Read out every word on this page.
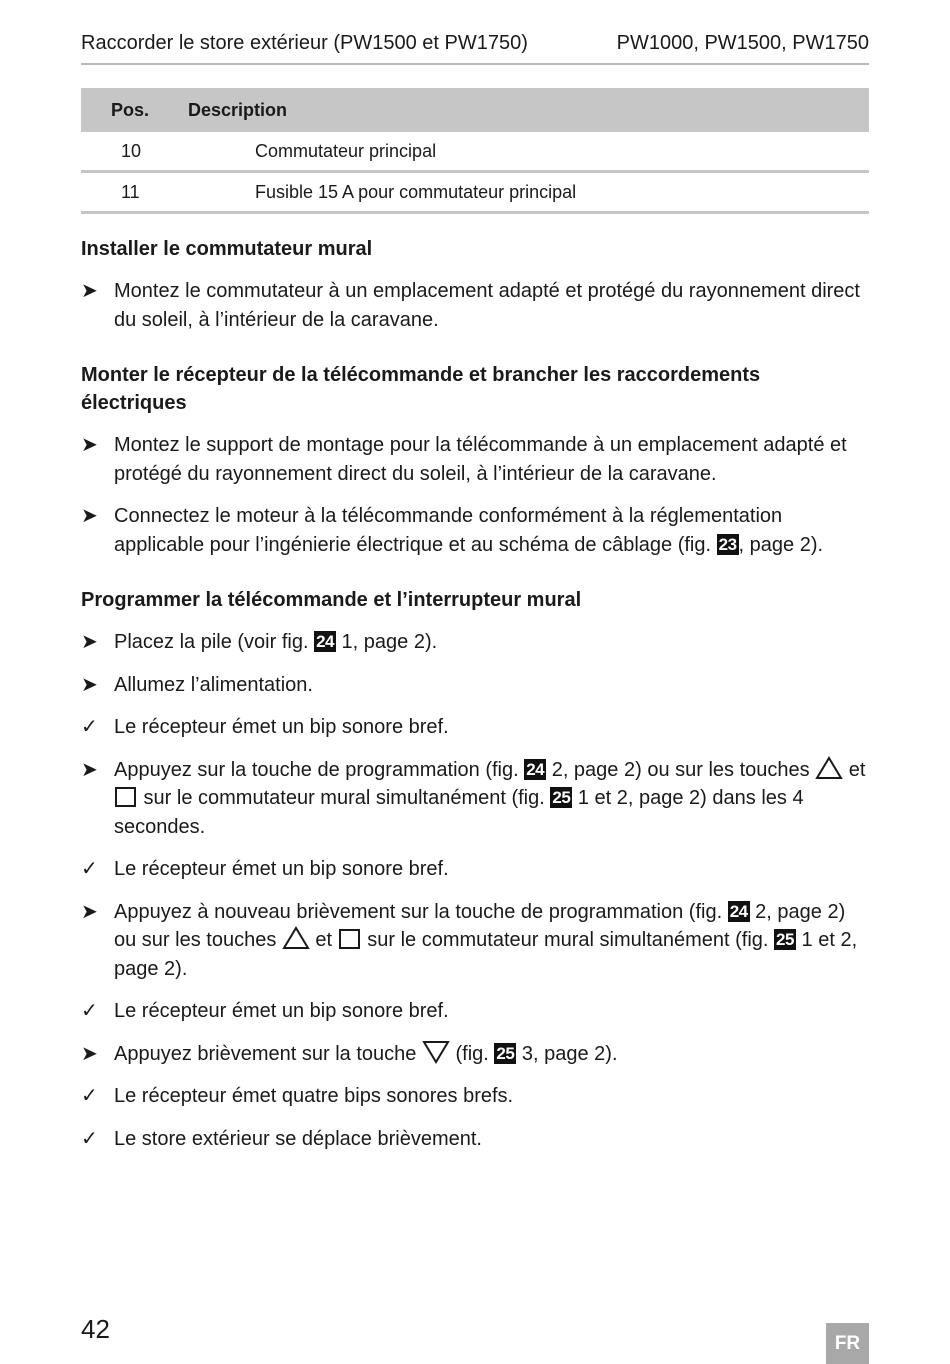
Raccorder le store extérieur (PW1500 et PW1750)	PW1000, PW1500, PW1750
Pos.	Description
10	Commutateur principal
11	Fusible 15 A pour commutateur principal
Installer le commutateur mural
➤ Montez le commutateur à un emplacement adapté et protégé du rayonnement direct du soleil, à l’intérieur de la caravane.
Monter le récepteur de la télécommande et brancher les raccordements électriques
➤ Montez le support de montage pour la télécommande à un emplacement adapté et protégé du rayonnement direct du soleil, à l’intérieur de la caravane.
➤ Connectez le moteur à la télécommande conformément à la réglementation applicable pour l’ingénierie électrique et au schéma de câblage (fig. 23 , page 2).
Programmer la télécommande et l’interrupteur mural
➤ Placez la pile (voir fig. 24 1, page 2).
➤ Allumez l’alimentation.
✓ Le récepteur émet un bip sonore bref.
➤ Appuyez sur la touche de programmation (fig. 24 2, page 2) ou sur les touches  et  sur le commutateur mural simultanément (fig. 25 1 et 2, page 2) dans les 4 secondes.
✓ Le récepteur émet un bip sonore bref.
➤ Appuyez à nouveau brièvement sur la touche de programmation (fig. 24 2, page 2) ou sur les touches  et  sur le commutateur mural simultanément (fig. 25 1 et 2, page 2).
✓ Le récepteur émet un bip sonore bref.
➤ Appuyez brièvement sur la touche  (fig. 25 3, page 2).
✓ Le récepteur émet quatre bips sonores brefs.
✓ Le store extérieur se déplace brièvement.
42	FR
